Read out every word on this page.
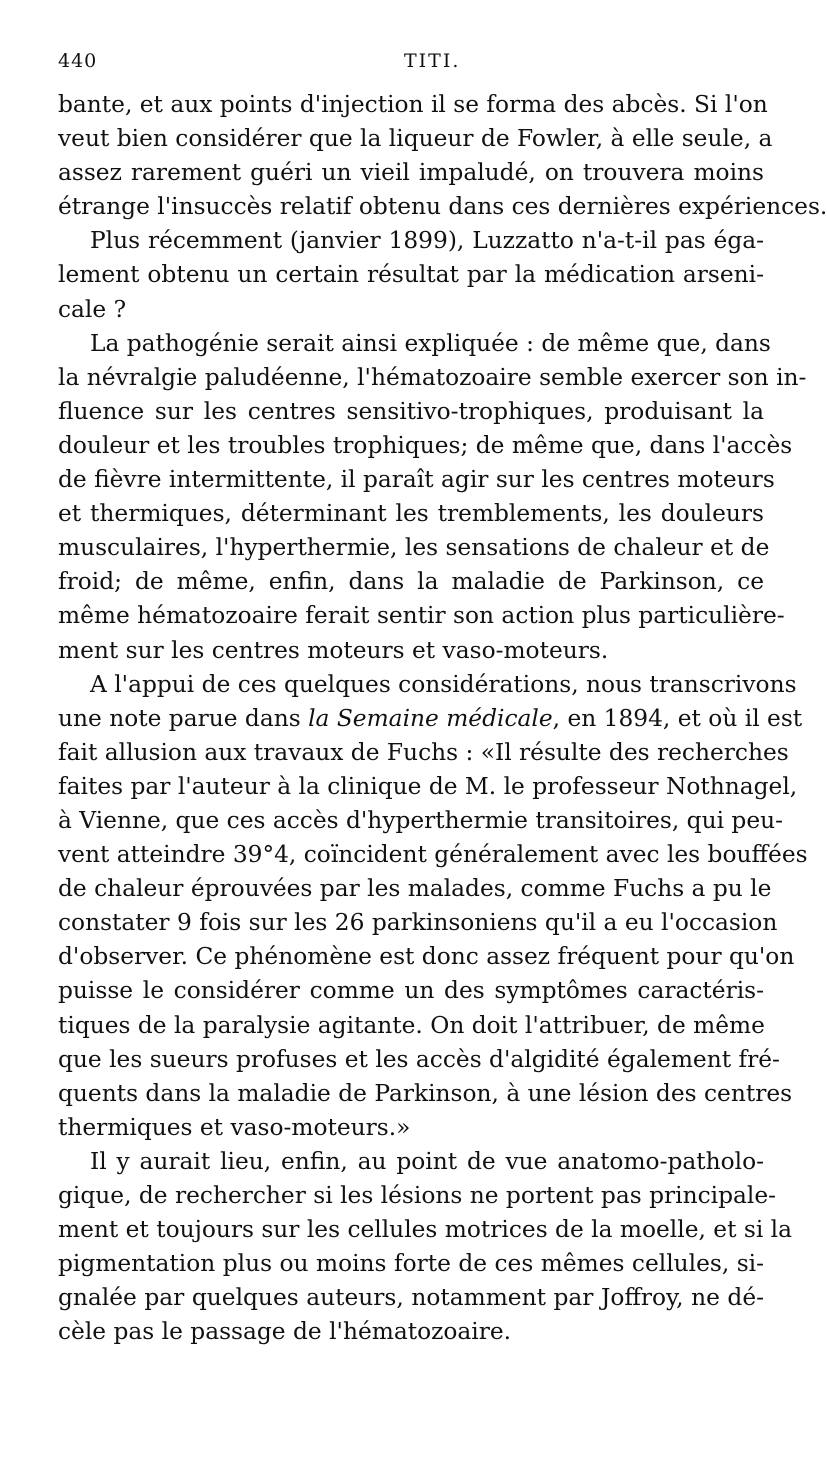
440	TITI.
bante, et aux points d'injection il se forma des abcès. Si l'on
veut bien considérer que la liqueur de Fowler, à elle seule, a
assez rarement guéri un vieil impaludé, on trouvera moins
étrange l'insuccès relatif obtenu dans ces dernières expériences.
Plus récemment (janvier 1899), Luzzatto n'a-t-il pas éga-
lement obtenu un certain résultat par la médication arseni-
cale ?
La pathogénie serait ainsi expliquée : de même que, dans
la névralgie paludéenne, l'hématozoaire semble exercer son in-
fluence sur les centres sensitivo-trophiques, produisant la
douleur et les troubles trophiques; de même que, dans l'accès
de fièvre intermittente, il paraît agir sur les centres moteurs
et thermiques, déterminant les tremblements, les douleurs
musculaires, l'hyperthermie, les sensations de chaleur et de
froid; de même, enfin, dans la maladie de Parkinson, ce
même hématozoaire ferait sentir son action plus particulière-
ment sur les centres moteurs et vaso-moteurs.
A l'appui de ces quelques considérations, nous transcrivons
une note parue dans la Semaine médicale, en 1894, et où il est
fait allusion aux travaux de Fuchs : «Il résulte des recherches
faites par l'auteur à la clinique de M. le professeur Nothnagel,
à Vienne, que ces accès d'hyperthermie transitoires, qui peu-
vent atteindre 39°4, coïncident généralement avec les bouffées
de chaleur éprouvées par les malades, comme Fuchs a pu le
constater 9 fois sur les 26 parkinsoniens qu'il a eu l'occasion
d'observer. Ce phénomène est donc assez fréquent pour qu'on
puisse le considérer comme un des symptômes caractéris-
tiques de la paralysie agitante. On doit l'attribuer, de même
que les sueurs profuses et les accès d'algidité également fré-
quents dans la maladie de Parkinson, à une lésion des centres
thermiques et vaso-moteurs.»
Il y aurait lieu, enfin, au point de vue anatomo-patholo-
gique, de rechercher si les lésions ne portent pas principale-
ment et toujours sur les cellules motrices de la moelle, et si la
pigmentation plus ou moins forte de ces mêmes cellules, si-
gnalée par quelques auteurs, notamment par Joffroy, ne dé-
cèle pas le passage de l'hématozoaire.
